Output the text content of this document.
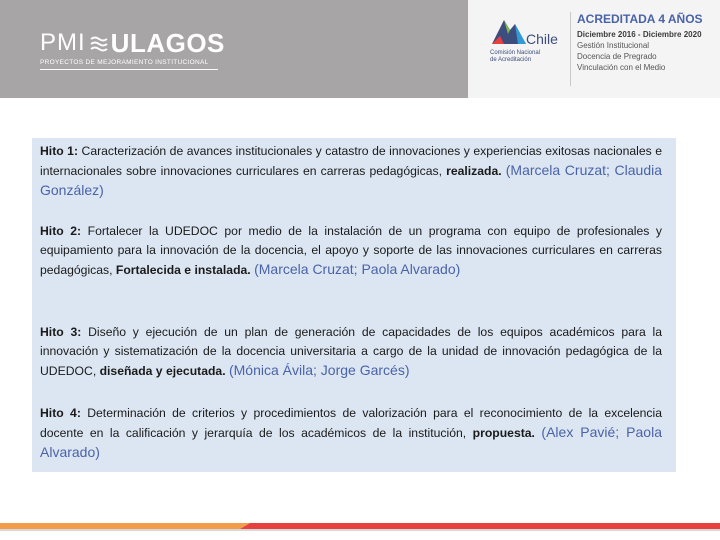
PMI ULAGOS
PROYECTOS DE MEJORAMIENTO INSTITUCIONAL
Chile
Comisión Nacional
de Acreditación
ACREDITADA 4 AÑOS
Diciembre 2016 - Diciembre 2020
Gestión Institucional
Docencia de Pregrado
Vinculación con el Medio

Hito 1: Caracterización de avances institucionales y catastro de innovaciones y experiencias exitosas nacionales e internacionales sobre innovaciones curriculares en carreras pedagógicas, realizada. (Marcela Cruzat; Claudia González)

Hito 2: Fortalecer la UDEDOC por medio de la instalación de un programa con equipo de profesionales y equipamiento para la innovación de la docencia, el apoyo y soporte de las innovaciones curriculares en carreras pedagógicas, Fortalecida e instalada. (Marcela Cruzat; Paola Alvarado)

Hito 3: Diseño y ejecución de un plan de generación de capacidades de los equipos académicos para la innovación y sistematización de la docencia universitaria a cargo de la unidad de innovación pedagógica de la UDEDOC, diseñada y ejecutada. (Mónica Ávila; Jorge Garcés)

Hito 4: Determinación de criterios y procedimientos de valorización para el reconocimiento de la excelencia docente en la calificación y jerarquía de los académicos de la institución, propuesta. (Alex Pavié; Paola Alvarado)
